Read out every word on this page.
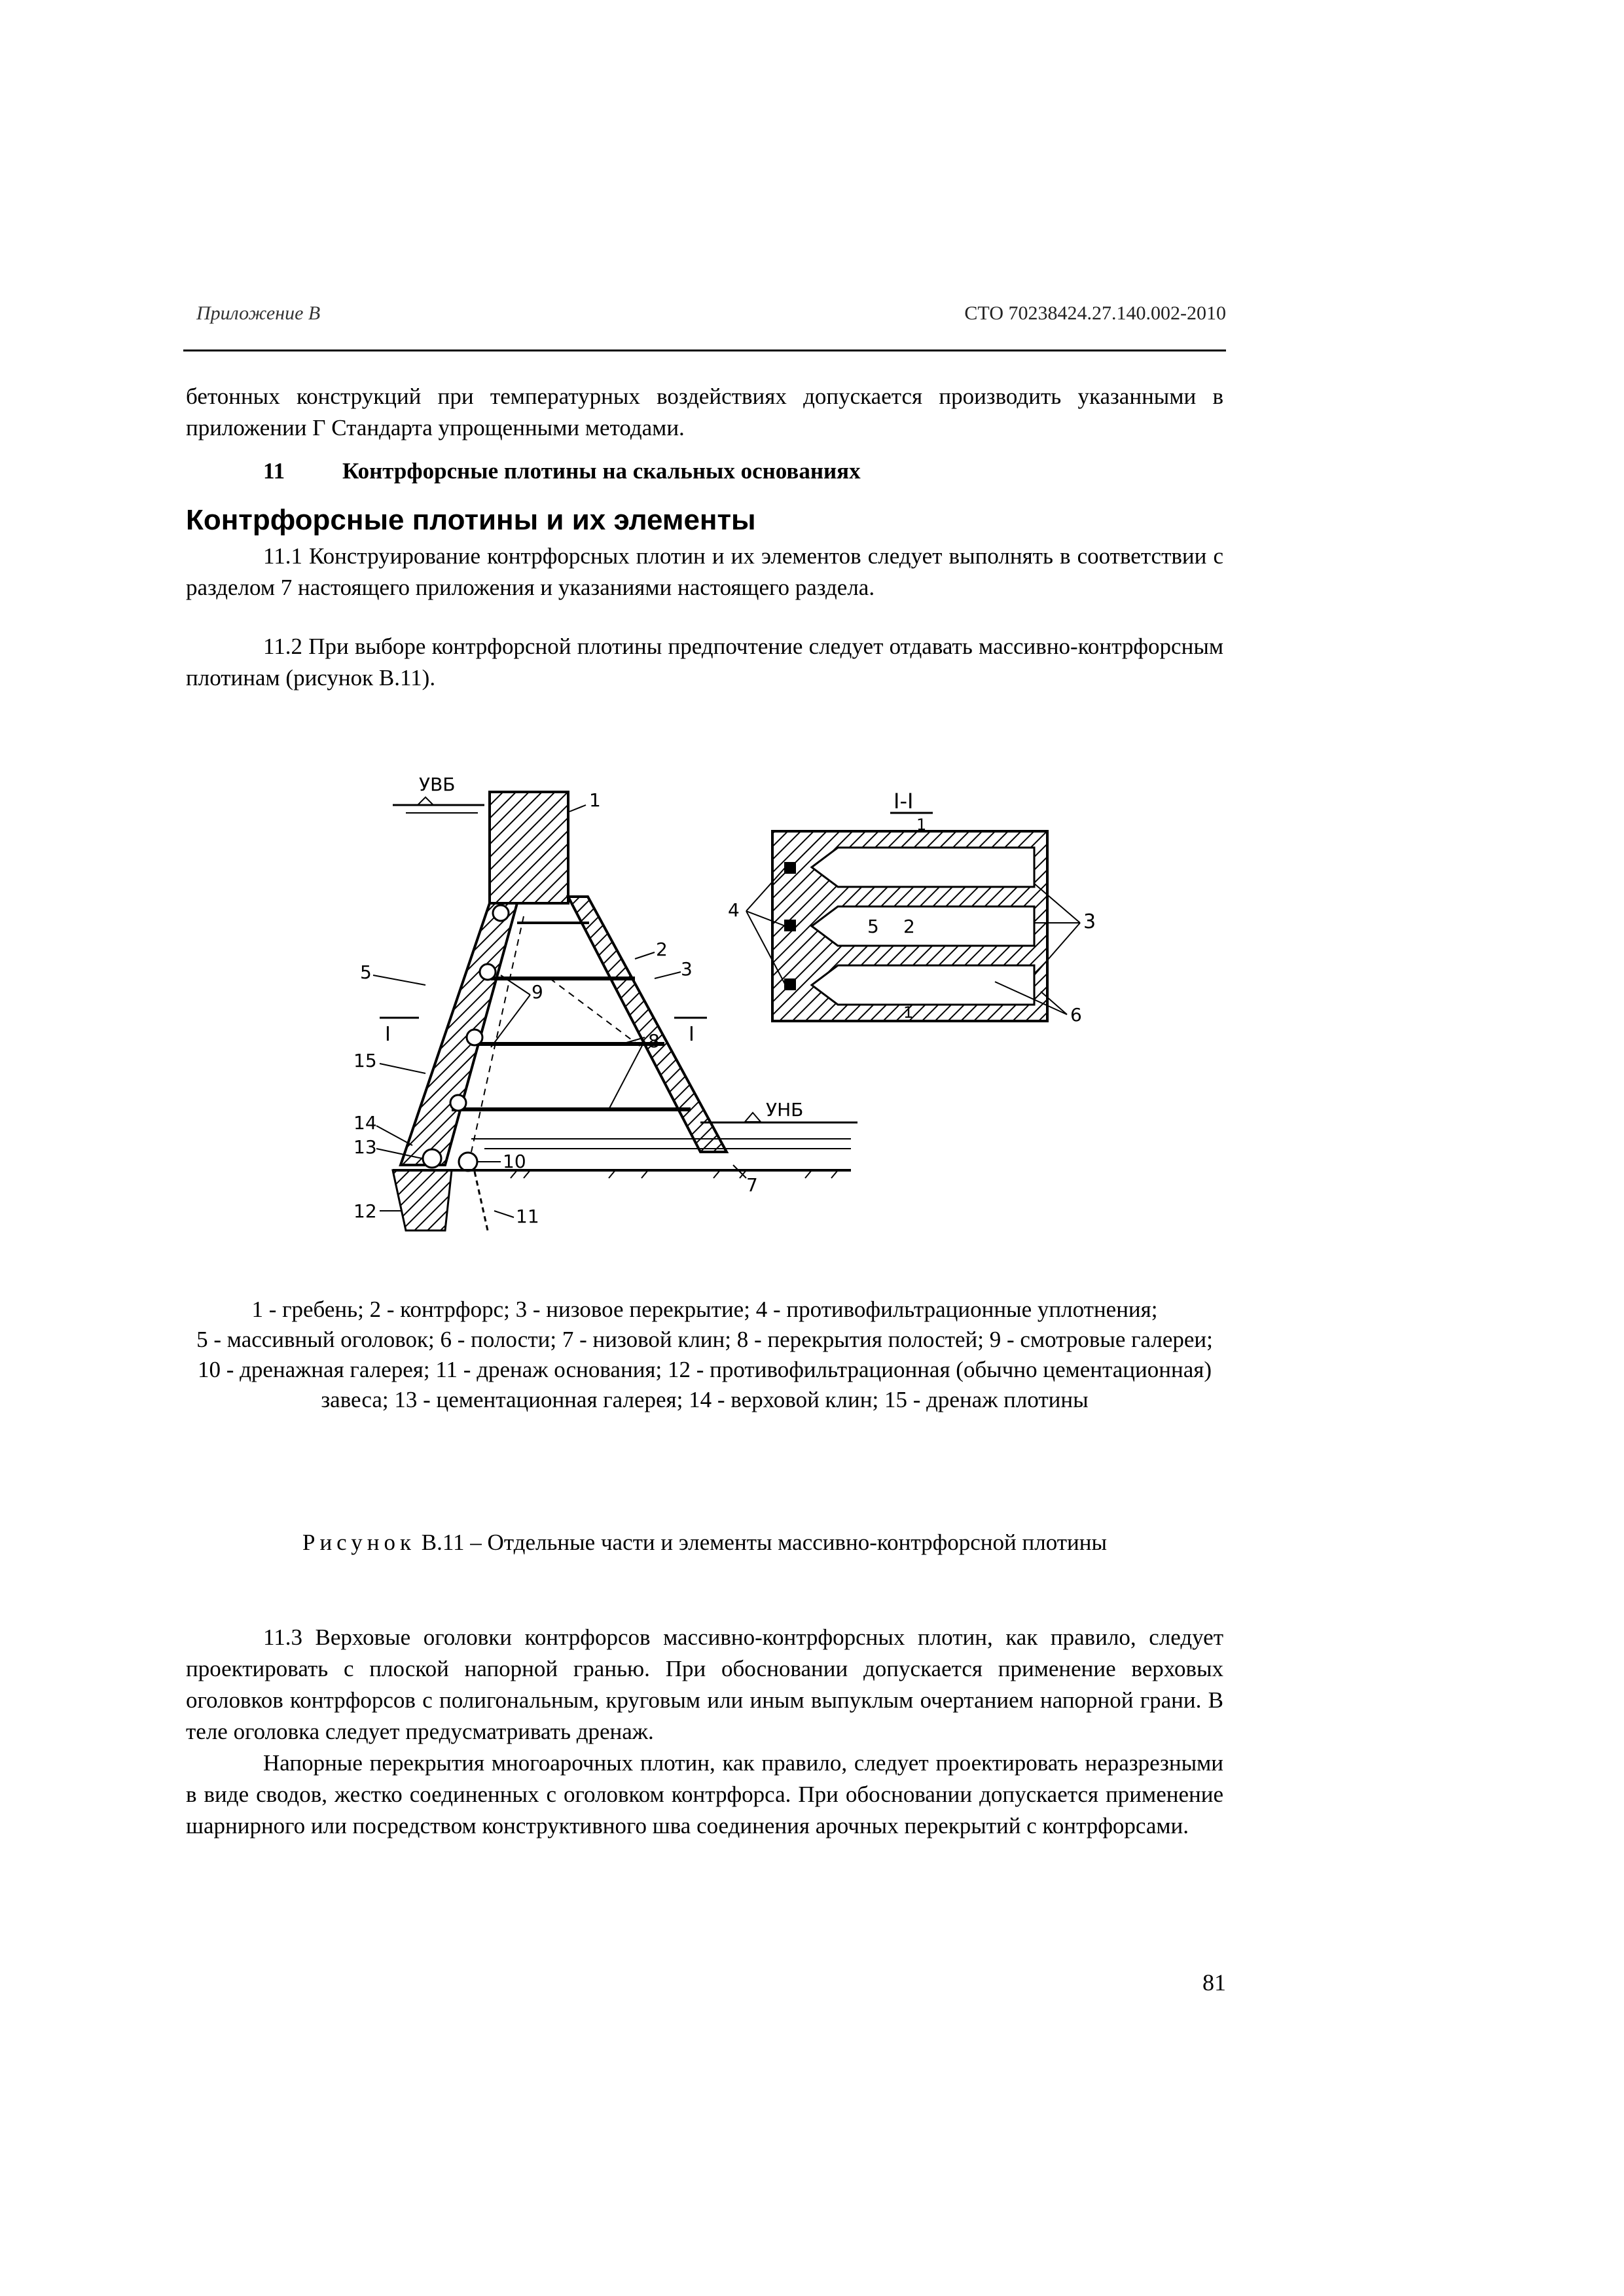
Приложение В	СТО 70238424.27.140.002-2010
бетонных конструкций при температурных воздействиях допускается производить указанными в приложении Г Стандарта упрощенными методами.
11	Контрфорсные плотины на скальных основаниях
Контрфорсные плотины и их элементы
11.1 Конструирование контрфорсных плотин и их элементов следует выполнять в соответствии с разделом 7 настоящего приложения и указаниями настоящего раздела.
11.2 При выборе контрфорсной плотины предпочтение следует отдавать массивно-контрфорсным плотинам (рисунок В.11).
УВБ
УНБ
I	I
1
2
3
5
9
8
15
14
13
10
12	11
7
I-I
4
5 2	3
6
1
1
1 - гребень; 2 - контрфорс; 3 - низовое перекрытие; 4 - противофильтрационные уплотнения;
5 - массивный оголовок; 6 - полости; 7 - низовой клин; 8 - перекрытия полостей; 9 - смотровые галереи;
10 - дренажная галерея; 11 - дренаж основания; 12 - противофильтрационная (обычно цементационная) завеса; 13 - цементационная галерея; 14 - верховой клин; 15 - дренаж плотины
Рисунок В.11 – Отдельные части и элементы массивно-контрфорсной плотины
11.3 Верховые оголовки контрфорсов массивно-контрфорсных плотин, как правило, следует проектировать с плоской напорной гранью. При обосновании допускается применение верховых оголовков контрфорсов с полигональным, круговым или иным выпуклым очертанием напорной грани. В теле оголовка следует предусматривать дренаж.
Напорные перекрытия многоарочных плотин, как правило, следует проектировать неразрезными в виде сводов, жестко соединенных с оголовком контрфорса. При обосновании допускается применение шарнирного или посредством конструктивного шва соединения арочных перекрытий с контрфорсами.
81
